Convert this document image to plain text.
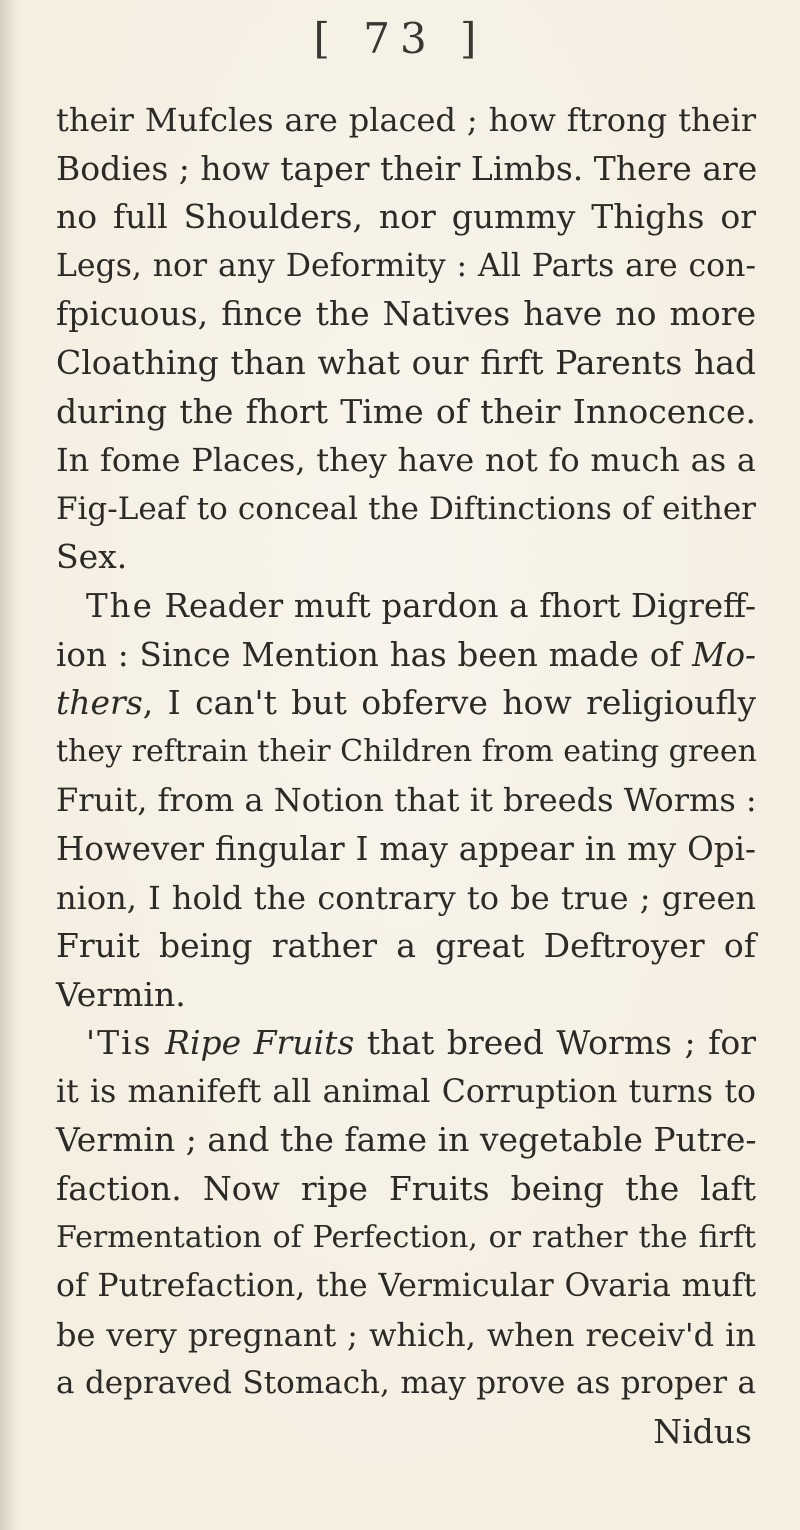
[ 73 ]
their Mufcles are placed ; how ftrong their
Bodies ; how taper their Limbs. There are
no full Shoulders, nor gummy Thighs or
Legs, nor any Deformity : All Parts are con-
fpicuous, fince the Natives have no more
Cloathing than what our firft Parents had
during the fhort Time of their Innocence.
In fome Places, they have not fo much as a
Fig-Leaf to conceal the Diftinctions of either
Sex.
The Reader muft pardon a fhort Digreff-
ion : Since Mention has been made of Mo-
thers, I can't but obferve how religioufly
they reftrain their Children from eating green
Fruit, from a Notion that it breeds Worms :
However fingular I may appear in my Opi-
nion, I hold the contrary to be true ; green
Fruit being rather a great Deftroyer of
Vermin.
'Tis Ripe Fruits that breed Worms ; for
it is manifeft all animal Corruption turns to
Vermin ; and the fame in vegetable Putre-
faction. Now ripe Fruits being the laft
Fermentation of Perfection, or rather the firft
of Putrefaction, the Vermicular Ovaria muft
be very pregnant ; which, when receiv'd in
a depraved Stomach, may prove as proper a
Nidus
